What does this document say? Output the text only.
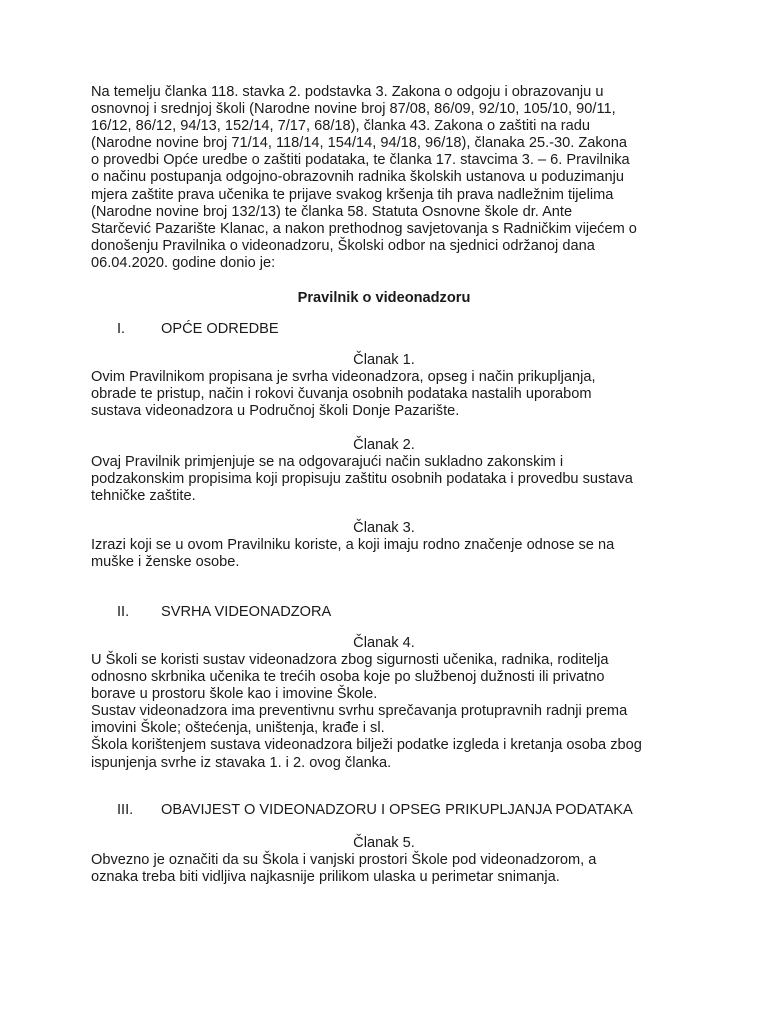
Na temelju članka 118. stavka 2. podstavka 3. Zakona o odgoju i obrazovanju u
osnovnoj i srednjoj školi (Narodne novine broj 87/08, 86/09, 92/10, 105/10, 90/11,
16/12, 86/12, 94/13, 152/14, 7/17, 68/18), članka 43. Zakona o zaštiti na radu
(Narodne novine broj 71/14, 118/14, 154/14, 94/18, 96/18), članaka 25.-30. Zakona
o provedbi Opće uredbe o zaštiti podataka, te članka 17. stavcima 3. – 6. Pravilnika
o načinu postupanja odgojno-obrazovnih radnika školskih ustanova u poduzimanju
mjera zaštite prava učenika te prijave svakog kršenja tih prava nadležnim tijelima
(Narodne novine broj 132/13) te članka 58. Statuta Osnovne škole dr. Ante
Starčević Pazarište Klanac, a nakon prethodnog savjetovanja s Radničkim vijećem o
donošenju Pravilnika o videonadzoru, Školski odbor na sjednici održanoj dana
06.04.2020. godine donio je:

Pravilnik o videonadzoru

I. OPĆE ODREDBE

Članak 1.

Ovim Pravilnikom propisana je svrha videonadzora, opseg i način prikupljanja,
obrade te pristup, način i rokovi čuvanja osobnih podataka nastalih uporabom
sustava videonadzora u Područnoj školi Donje Pazarište.

Članak 2.

Ovaj Pravilnik primjenjuje se na odgovarajući način sukladno zakonskim i
podzakonskim propisima koji propisuju zaštitu osobnih podataka i provedbu sustava
tehničke zaštite.

Članak 3.

Izrazi koji se u ovom Pravilniku koriste, a koji imaju rodno značenje odnose se na
muške i ženske osobe.

II. SVRHA VIDEONADZORA

Članak 4.

U Školi se koristi sustav videonadzora zbog sigurnosti učenika, radnika, roditelja
odnosno skrbnika učenika te trećih osoba koje po službenoj dužnosti ili privatno
borave u prostoru škole kao i imovine Škole.
Sustav videonadzora ima preventivnu svrhu sprečavanja protupravnih radnji prema
imovini Škole; oštećenja, uništenja, krađe i sl.
Škola korištenjem sustava videonadzora bilježi podatke izgleda i kretanja osoba zbog
ispunjenja svrhe iz stavaka 1. i 2. ovog članka.

III. OBAVIJEST O VIDEONADZORU I OPSEG PRIKUPLJANJA PODATAKA

Članak 5.

Obvezno je označiti da su Škola i vanjski prostori Škole pod videonadzorom, a
oznaka treba biti vidljiva najkasnije prilikom ulaska u perimetar snimanja.
